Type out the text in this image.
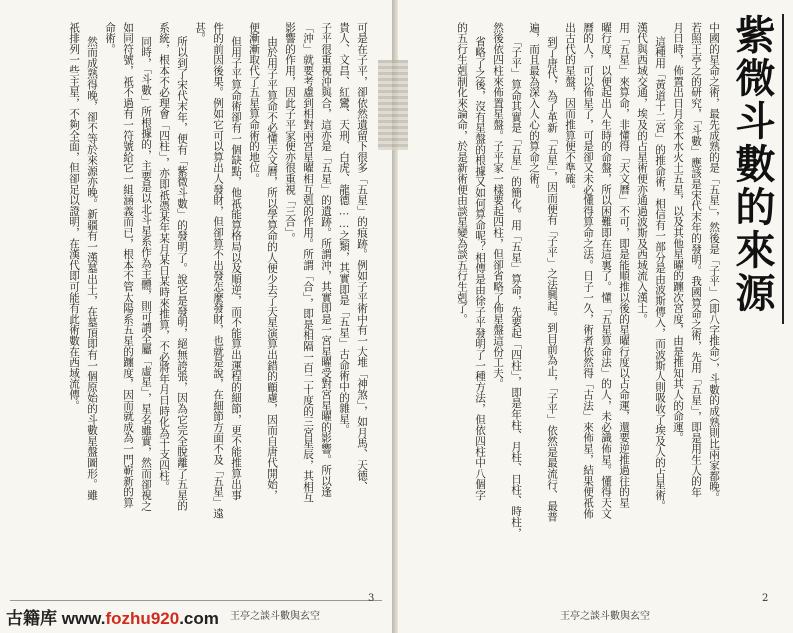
紫微斗數的來源
中國的星命之術，最先成熟的是「五星」，然後是「子平」（即八字推命），斗數的成熟則比兩家都晚。
若照王亭之的研究，「斗數」應該是宋代末年的發明。我國算命之術，先用「五星」，即是用生人的年
月日時，佈置出日月金木水火土五星，以及其他星曜的躔次宮度，由是推知其人的命運。
這種用「黃道十二宮」的推命術，相信有一部分是由波斯傳入，而波斯人則吸收了埃及人的占星術。
漢代與西域交通，埃及的占星術便亦通過波斯及西域流入漢土。
用「五星」來算命，非懂得「天文曆」不可，即是能順推以後的星曜行度以占命運，還要逆推過往的星
曜行度，以便起出人生時的命盤，所以困難即在這裏了。懂「五星算命法」的人，未必識佈星。懂得天文
曆的人，可以佈星了，可是卻又未必懂得算命之法。日子一久，術者依然得「古法」來佈星，結果便祇佈
出古代的星盤，因而推算便不準確。
到了唐代，為了革新「五星」，因而便有「子平」之法興起。到目前為止，「子平」依然是最流行、最普
遍，而且最為深入人心的算命之術。
「子平」算命其實是「五星」的簡化。用「五星」算命，先要起「四柱」，即是年柱、月柱、日柱、時柱，
然後依四柱來佈置星盤。子平家一樣要起四柱，但卻省略了佈星盤這份工夫。
省略了之後，沒有星盤的根據又如何算命呢？相傳是由徐子平發明了一種方法，但依四柱中八個字
的五行生剋制化來論命，於是新術便由談星變為談五行生剋了。
王亭之談斗數與玄空
2
可是在子平，卻依然遺留下很多「五星」的痕跡。例如子平術中有一大堆「神煞」，如月馬、天德、
貴人、文昌、紅鸞、天刑、白虎、龍德……之類，其實即是「五星」古命術中的雜星。
子平很重視沖與合，這亦是「五星」的遺跡。所謂沖，其實即是一宮星曜受對宮星曜的影響。所以逢
「沖」就要考慮到相對兩宮星曜相互剋的作用。所謂「合」，即是相隔一百二十度的三宮星辰，其相互
影響的作用，因此子平家便亦很重視「三合」。
由於用子平算命不必懂天文曆，所以學算命的人便少去了天星演算出錯的顧慮，因而自唐代開始，
便漸漸取代了五星算命術的地位。
但用子平算命術卻有一個缺點，他祇能算格局以及順逆，而不能算出運程的細節，更不能推算出事
件的前因後果。例如它可以算出人發財，但卻算不出發怎麼發財，也就是說，在細節方面不及「五星」遠
甚。
所以到了宋代末年，便有「紫微斗數」的發明了。說它是發明，絕無誇張，因為它完全脫離了五星的
系統，根本不必理會「四柱」，亦即祇憑某年某月某日某時來推算，不必將年月日時化為干支四柱。
同時，「斗數」所根據的，主要是以北斗星系作為主體，則可謂全屬「虛星」，星名雖實，然而卻視之
如同符號，祇不過有一符號給它一組涵義而已，根本不管太陽系五星的躔度，因而就成為一門嶄新的算
命術。
然而成熟得晚，卻不等於來源亦晚。新疆有一漢墓出土，在墓頂即有一個原始的斗數星盤圖形。雖
祇排列一些主星，不夠全面，但卻足以證明，在漢代即可能有此術數在西域流傳。
王亭之談斗數與玄空
3
古籍库 www.fozhu920.com
